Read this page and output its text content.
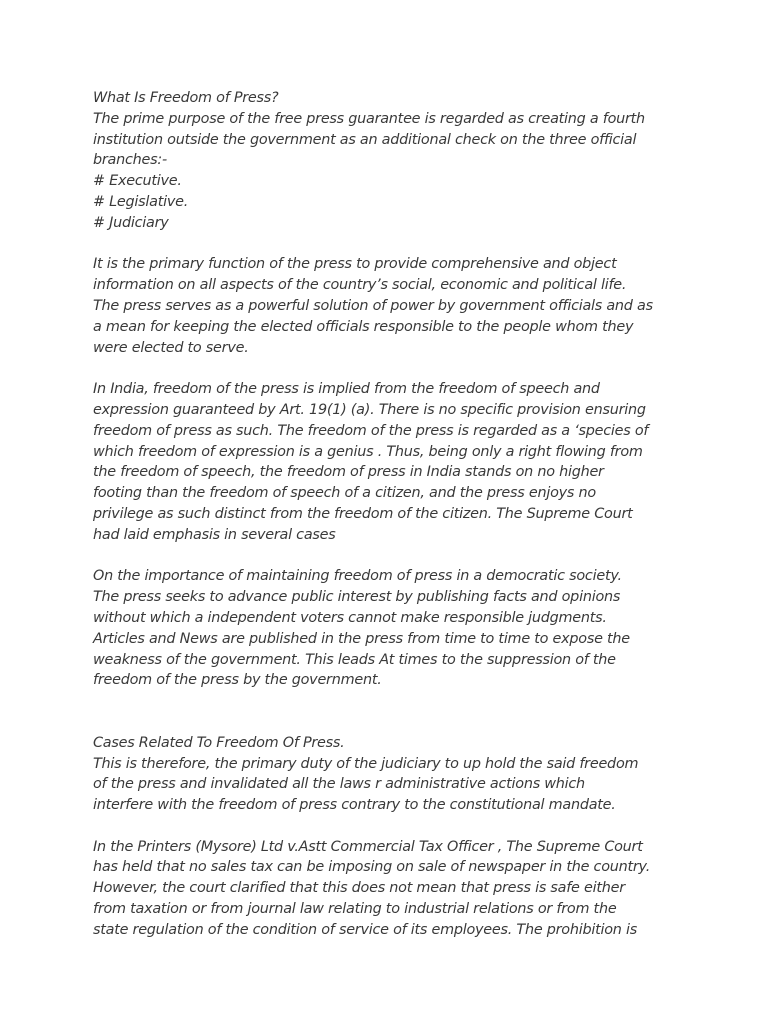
What Is Freedom of Press?
The prime purpose of the free press guarantee is regarded as creating a fourth
institution outside the government as an additional check on the three official
branches:-
# Executive.
# Legislative.
# Judiciary
It is the primary function of the press to provide comprehensive and object
information on all aspects of the country’s social, economic and political life.
The press serves as a powerful solution of power by government officials and as
a mean for keeping the elected officials responsible to the people whom they
were elected to serve.
In India, freedom of the press is implied from the freedom of speech and
expression guaranteed by Art. 19(1) (a). There is no specific provision ensuring
freedom of press as such. The freedom of the press is regarded as a ‘species of
which freedom of expression is a genius . Thus, being only a right flowing from
the freedom of speech, the freedom of press in India stands on no higher
footing than the freedom of speech of a citizen, and the press enjoys no
privilege as such distinct from the freedom of the citizen. The Supreme Court
had laid emphasis in several cases
On the importance of maintaining freedom of press in a democratic society.
The press seeks to advance public interest by publishing facts and opinions
without which a independent voters cannot make responsible judgments.
Articles and News are published in the press from time to time to expose the
weakness of the government. This leads At times to the suppression of the
freedom of the press by the government.
Cases Related To Freedom Of Press.
This is therefore, the primary duty of the judiciary to up hold the said freedom
of the press and invalidated all the laws r administrative actions which
interfere with the freedom of press contrary to the constitutional mandate.
In the Printers (Mysore) Ltd v.Astt Commercial Tax Officer , The Supreme Court
has held that no sales tax can be imposing on sale of newspaper in the country.
However, the court clarified that this does not mean that press is safe either
from taxation or from journal law relating to industrial relations or from the
state regulation of the condition of service of its employees. The prohibition is
